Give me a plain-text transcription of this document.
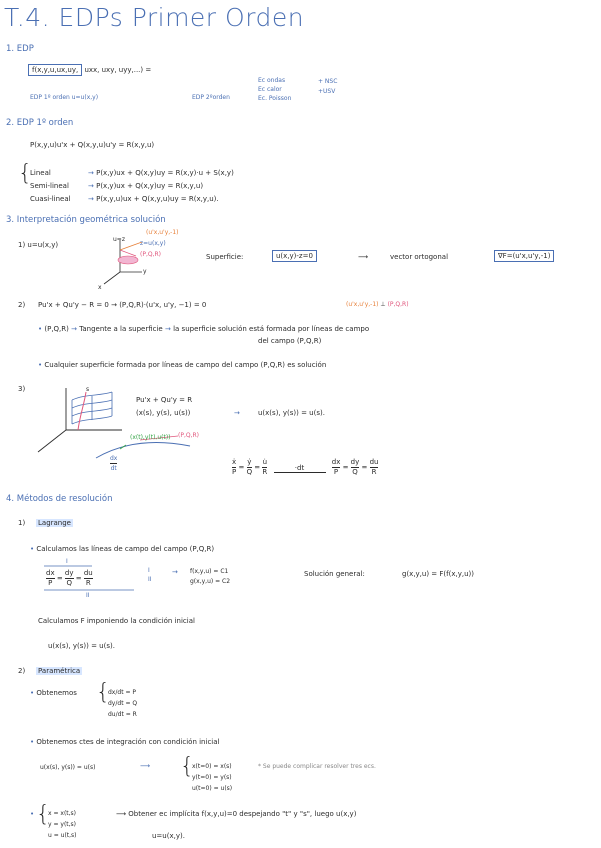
T.4. EDPs Primer Orden
1. EDP
f(x,y,u,ux,uy, uxx, uxy, uyy,...) =
EDP 1º orden u=u(x,y)	EDP 2ºorden
Ec ondas
Ec calor
Ec. Poisson
+ NSC
+USV
2. EDP 1º orden
P(x,y,u)u'x + Q(x,y,u)u'y = R(x,y,u)
{
Lineal	→ P(x,y)ux + Q(x,y)uy = R(x,y)·u + S(x,y)
Semi-lineal	→ P(x,y)ux + Q(x,y)uy = R(x,y,u)
Cuasi-lineal → P(x,y,u)ux + Q(x,y,u)uy = R(x,y,u).
3. Interpretación geométrica solución
1) u=u(x,y)
u=z
y
x
(u'x,u'y,-1)
z=u(x,y)
(P,Q,R)	Superficie:	u(x,y)-z=0	⟶	vector ortogonal	∇F=(u'x,u'y,-1)
2) Pu'x + Qu'y − R = 0 → (P,Q,R)·(u'x, u'y, −1) = 0	(u'x,u'y,-1) ⊥ (P,Q,R)
• (P,Q,R) → Tangente a la superficie → la superficie solución está formada por líneas de campo
del campo (P,Q,R)
• Cualquier superficie formada por líneas de campo del campo (P,Q,R) es solución
3)
Pu'x + Qu'y = R
(x(s), y(s), u(s))	→	u(x(s), y(s)) = u(s).
(x(t),y(t),u(t)) (P,Q,R)
$\frac{dx}{dt}$
s
$\frac{\text{ẋ}}{P} = \frac{\text{ẏ}}{Q} = \frac{u̇}{R}$	·dt	$\frac{dx}{P} = \frac{dy}{Q} = \frac{du}{R}$
4. Métodos de resolución
1) Lagrange
• Calculamos las líneas de campo del campo (P,Q,R)
I
$\frac{dx}{P} = \frac{dy}{Q} = \frac{du}{R}$
II
I
II
→ f(x,y,u) = C1
g(x,y,u) = C2
Solución general:	g(x,y,u) = F(f(x,y,u))
Calculamos F imponiendo la condición inicial
u(x(s), y(s)) = u(s).
2) Paramétrica
• Obtenemos {
dx/dt = P
dy/dt = Q
du/dt = R
• Obtenemos ctes de integración con condición inicial
u(x(s), y(s)) = u(s)	⟶ {
x(t=0) = x(s)
y(t=0) = y(s)
u(t=0) = u(s)
* Se puede complicar resolver tres ecs.
• {
x = x(t,s)
y = y(t,s)
u = u(t,s)
⟶ Obtener ec implícita f(x,y,u)=0 despejando "t" y "s", luego u(x,y)
u=u(x,y).
